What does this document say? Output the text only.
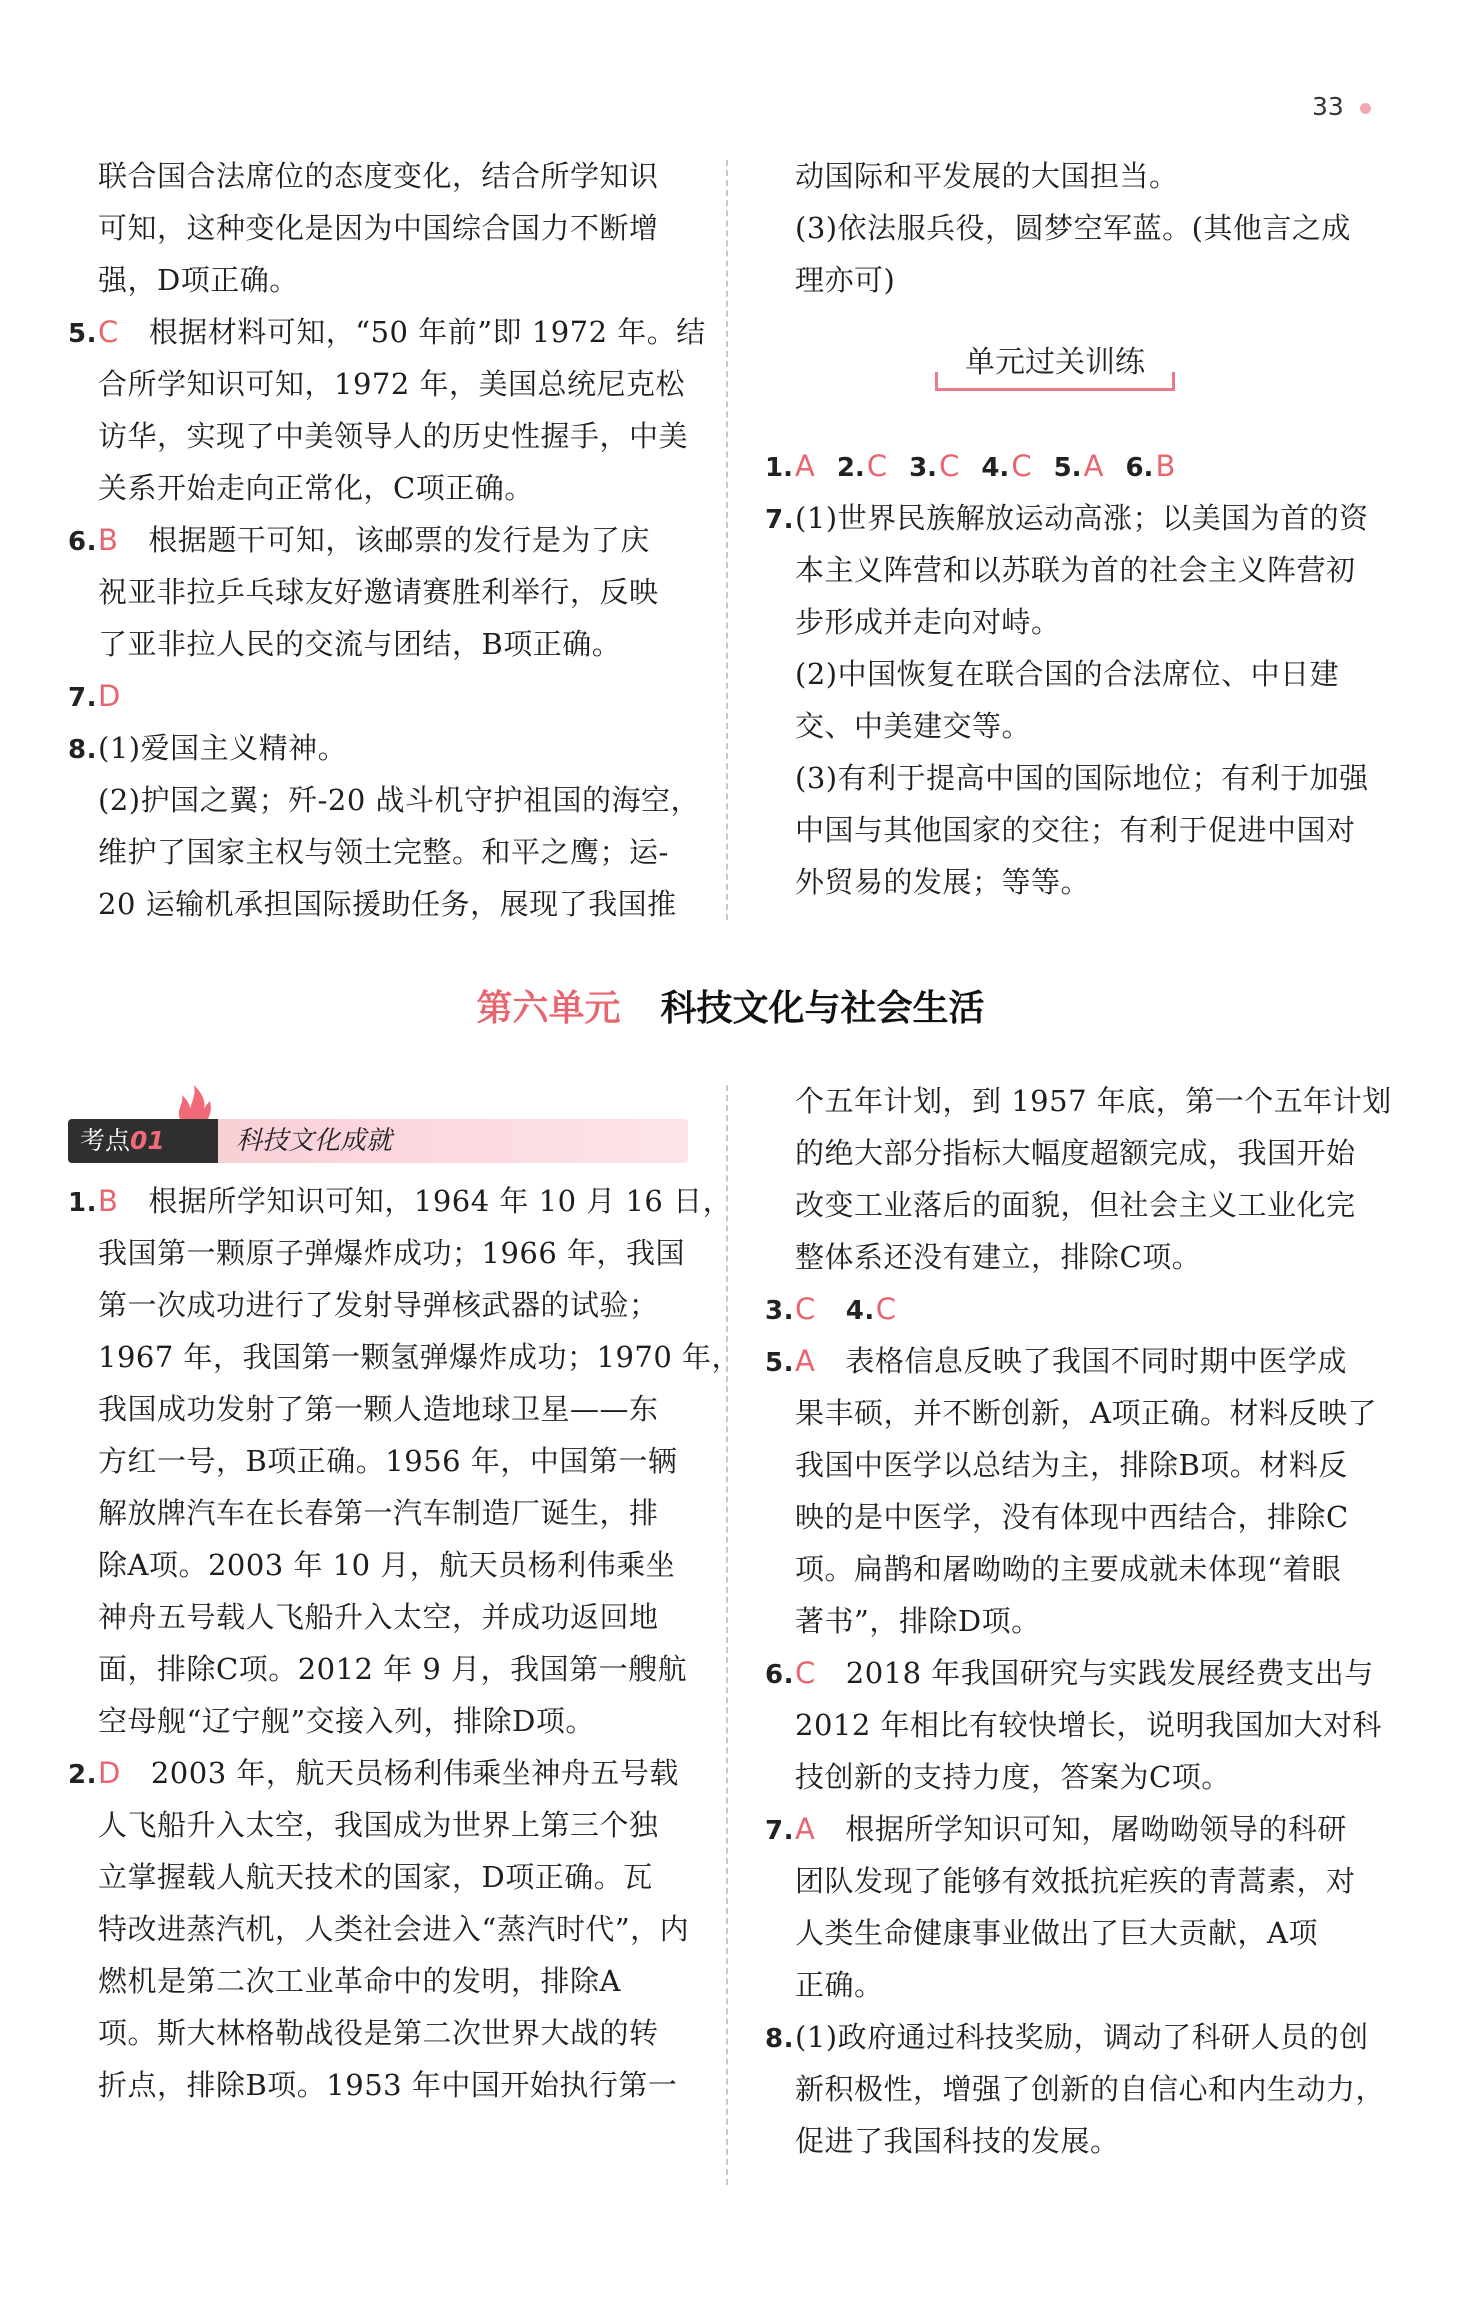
33
联合国合法席位的态度变化，结合所学知识
可知，这种变化是因为中国综合国力不断增
强，D项正确。
5.C 根据材料可知，“50 年前”即 1972 年。结
合所学知识可知，1972 年，美国总统尼克松
访华，实现了中美领导人的历史性握手，中美
关系开始走向正常化，C项正确。
6.B 根据题干可知，该邮票的发行是为了庆
祝亚非拉乒乓球友好邀请赛胜利举行，反映
了亚非拉人民的交流与团结，B项正确。
7.D
8.(1)爱国主义精神。
(2)护国之翼；歼-20 战斗机守护祖国的海空，
维护了国家主权与领土完整。和平之鹰；运-
20 运输机承担国际援助任务，展现了我国推
动国际和平发展的大国担当。
(3)依法服兵役，圆梦空军蓝。(其他言之成
理亦可)
单元过关训练
1.A 2.C 3.C 4.C 5.A 6.B
7.(1)世界民族解放运动高涨；以美国为首的资
本主义阵营和以苏联为首的社会主义阵营初
步形成并走向对峙。
(2)中国恢复在联合国的合法席位、中日建
交、中美建交等。
(3)有利于提高中国的国际地位；有利于加强
中国与其他国家的交往；有利于促进中国对
外贸易的发展；等等。
第六单元 科技文化与社会生活
考点01	科技文化成就
1.B 根据所学知识可知，1964 年 10 月 16 日，
我国第一颗原子弹爆炸成功；1966 年，我国
第一次成功进行了发射导弹核武器的试验；
1967 年，我国第一颗氢弹爆炸成功；1970 年，
我国成功发射了第一颗人造地球卫星——东
方红一号，B项正确。1956 年，中国第一辆
解放牌汽车在长春第一汽车制造厂诞生，排
除A项。2003 年 10 月，航天员杨利伟乘坐
神舟五号载人飞船升入太空，并成功返回地
面，排除C项。2012 年 9 月，我国第一艘航
空母舰“辽宁舰”交接入列，排除D项。
2.D 2003 年，航天员杨利伟乘坐神舟五号载
人飞船升入太空，我国成为世界上第三个独
立掌握载人航天技术的国家，D项正确。瓦
特改进蒸汽机，人类社会进入“蒸汽时代”，内
燃机是第二次工业革命中的发明，排除A
项。斯大林格勒战役是第二次世界大战的转
折点，排除B项。1953 年中国开始执行第一
个五年计划，到 1957 年底，第一个五年计划
的绝大部分指标大幅度超额完成，我国开始
改变工业落后的面貌，但社会主义工业化完
整体系还没有建立，排除C项。
3.C 4.C
5.A 表格信息反映了我国不同时期中医学成
果丰硕，并不断创新，A项正确。材料反映了
我国中医学以总结为主，排除B项。材料反
映的是中医学，没有体现中西结合，排除C
项。扁鹊和屠呦呦的主要成就未体现“着眼
著书”，排除D项。
6.C 2018 年我国研究与实践发展经费支出与
2012 年相比有较快增长，说明我国加大对科
技创新的支持力度，答案为C项。
7.A 根据所学知识可知，屠呦呦领导的科研
团队发现了能够有效抵抗疟疾的青蒿素，对
人类生命健康事业做出了巨大贡献，A项
正确。
8.(1)政府通过科技奖励，调动了科研人员的创
新积极性，增强了创新的自信心和内生动力，
促进了我国科技的发展。
